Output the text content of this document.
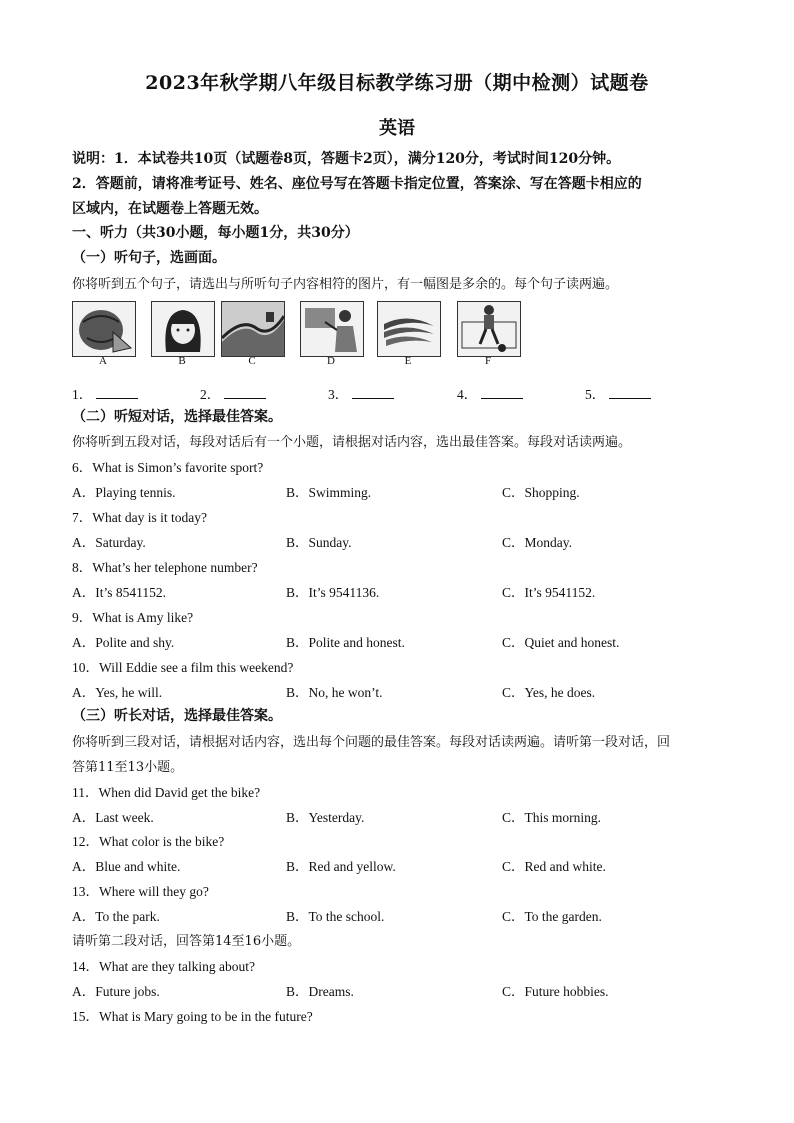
2023年秋学期八年级目标教学练习册（期中检测）试题卷
英语
说明：1．本试卷共10页（试题卷8页，答题卡2页），满分120分，考试时间120分钟。
2．答题前，请将准考证号、姓名、座位号写在答题卡指定位置，答案涂、写在答题卡相应的
区域内，在试题卷上答题无效。
一、听力（共30小题，每小题1分，共30分）
（一）听句子，选画面。
你将听到五个句子，请选出与所听句子内容相符的图片，有一幅图是多余的。每个句子读两遍。
A	B	C	D	E	F
1．	2．	3．	4．	5．
（二）听短对话，选择最佳答案。
你将听到五段对话，每段对话后有一个小题，请根据对话内容，选出最佳答案。每段对话读两遍。
6．What is Simon’s favorite sport?
A．Playing tennis.	B．Swimming.	C．Shopping.
7．What day is it today?
A．Saturday.	B．Sunday.	C．Monday.
8．What’s her telephone number?
A．It’s 8541152.	B．It’s 9541136.	C．It’s 9541152.
9．What is Amy like?
A．Polite and shy.	B．Polite and honest.	C．Quiet and honest.
10．Will Eddie see a film this weekend?
A．Yes, he will.	B．No, he won’t.	C．Yes, he does.
（三）听长对话，选择最佳答案。
你将听到三段对话，请根据对话内容，选出每个问题的最佳答案。每段对话读两遍。请听第一段对话，回
答第11至13小题。
11．When did David get the bike?
A．Last week.	B．Yesterday.	C．This morning.
12．What color is the bike?
A．Blue and white.	B．Red and yellow.	C．Red and white.
13．Where will they go?
A．To the park.	B．To the school.	C．To the garden.
请听第二段对话，回答第14至16小题。
14．What are they talking about?
A．Future jobs.	B．Dreams.	C．Future hobbies.
15．What is Mary going to be in the future?
